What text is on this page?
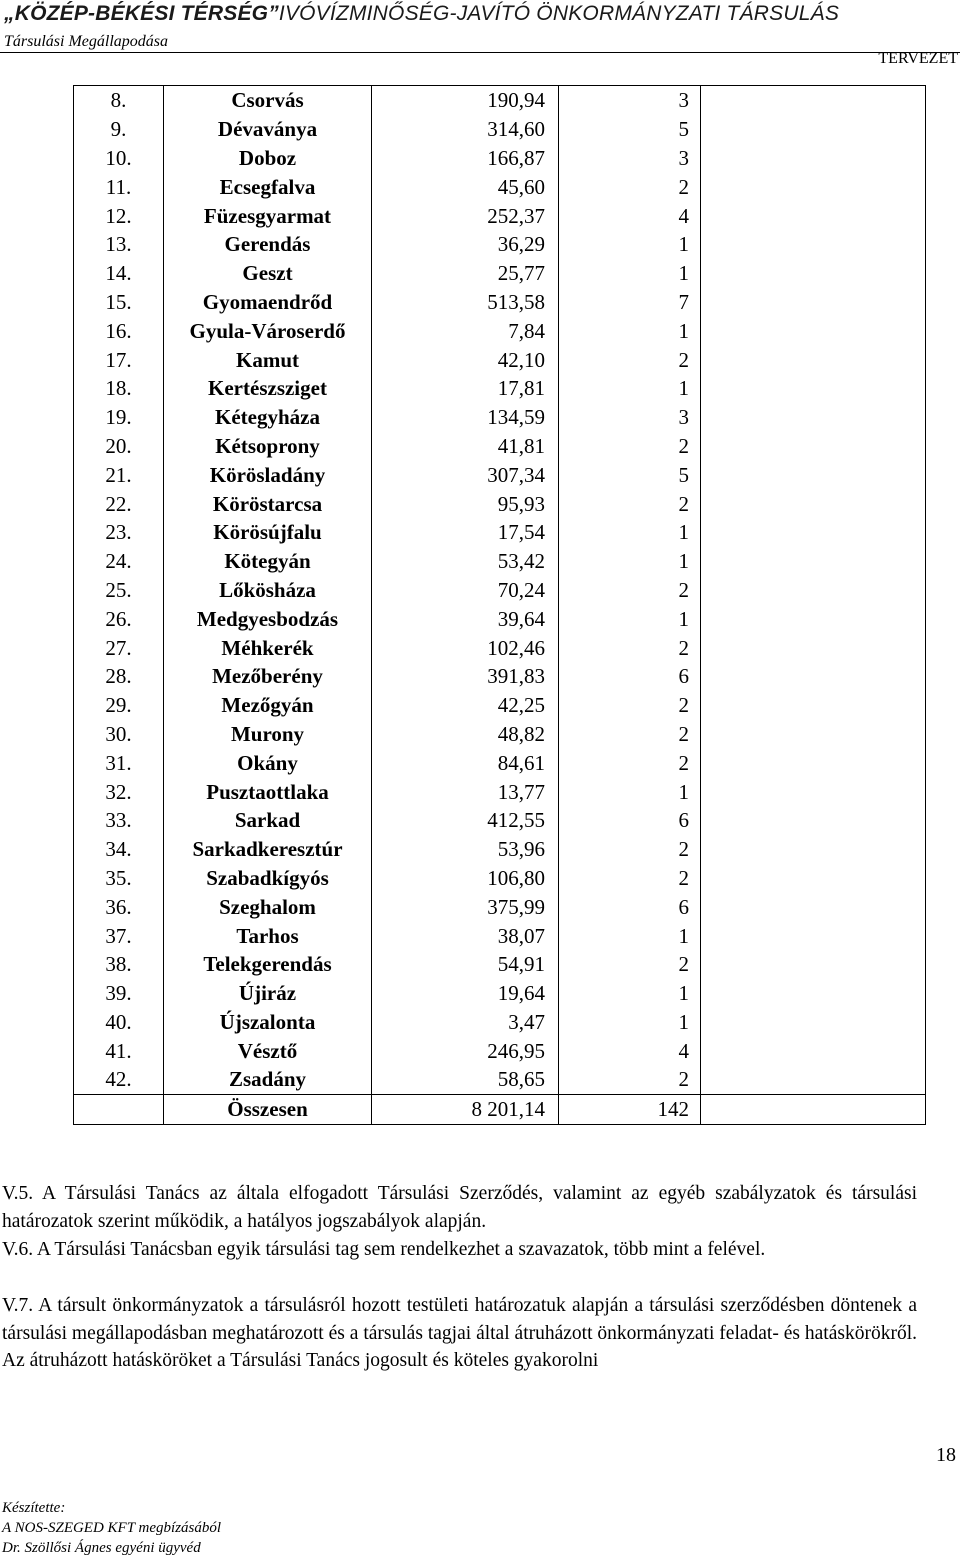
„KÖZÉP-BÉKÉSI TÉRSÉG”IVÓVÍZMINŐSÉG-JAVÍTÓ ÖNKORMÁNYZATI TÁRSULÁS
Társulási Megállapodása
TERVEZET
8.	Csorvás	190,94	3	
9.	Dévaványa	314,60	5	
10.	Doboz	166,87	3	
11.	Ecsegfalva	45,60	2	
12.	Füzesgyarmat	252,37	4	
13.	Gerendás	36,29	1	
14.	Geszt	25,77	1	
15.	Gyomaendrőd	513,58	7	
16.	Gyula-Városerdő	7,84	1	
17.	Kamut	42,10	2	
18.	Kertészsziget	17,81	1	
19.	Kétegyháza	134,59	3	
20.	Kétsoprony	41,81	2	
21.	Körösladány	307,34	5	
22.	Köröstarcsa	95,93	2	
23.	Körösújfalu	17,54	1	
24.	Kötegyán	53,42	1	
25.	Lőkösháza	70,24	2	
26.	Medgyesbodzás	39,64	1	
27.	Méhkerék	102,46	2	
28.	Mezőberény	391,83	6	
29.	Mezőgyán	42,25	2	
30.	Murony	48,82	2	
31.	Okány	84,61	2	
32.	Pusztaottlaka	13,77	1	
33.	Sarkad	412,55	6	
34.	Sarkadkeresztúr	53,96	2	
35.	Szabadkígyós	106,80	2	
36.	Szeghalom	375,99	6	
37.	Tarhos	38,07	1	
38.	Telekgerendás	54,91	2	
39.	Újiráz	19,64	1	
40.	Újszalonta	3,47	1	
41.	Vésztő	246,95	4	
42.	Zsadány	58,65	2	
	Összesen	8 201,14	142	
V.5. A Társulási Tanács az általa elfogadott Társulási Szerződés, valamint az egyéb szabályzatok és társulási határozatok szerint működik, a hatályos jogszabályok alapján.
V.6. A Társulási Tanácsban egyik társulási tag sem rendelkezhet a szavazatok, több mint a felével.
V.7. A társult önkormányzatok a társulásról hozott testületi határozatuk alapján a társulási szerződésben döntenek a társulási megállapodásban meghatározott és a társulás tagjai által átruházott önkormányzati feladat- és hatáskörökről. Az átruházott hatásköröket a Társulási Tanács jogosult és köteles gyakorolni
18
Készítette:
A NOS-SZEGED KFT megbízásából
Dr. Szöllősi Ágnes egyéni ügyvéd
